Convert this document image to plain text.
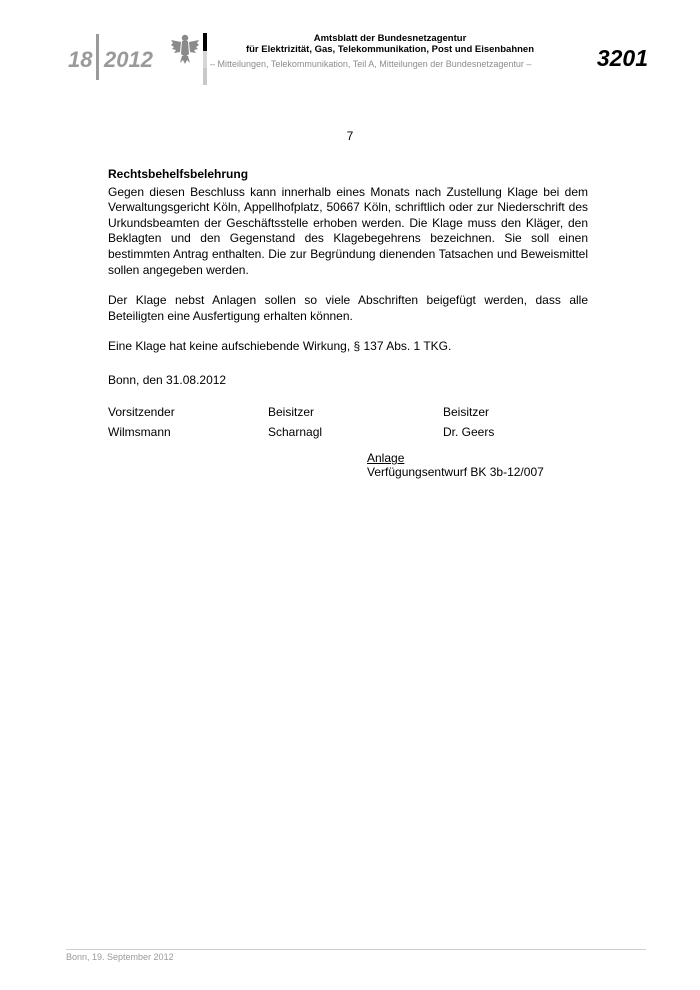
18 2012
Amtsblatt der Bundesnetzagentur
für Elektrizität, Gas, Telekommunikation, Post und Eisenbahnen
– Mitteilungen, Telekommunikation, Teil A, Mitteilungen der Bundesnetzagentur –	3201
7

Rechtsbehelfsbelehrung

Gegen diesen Beschluss kann innerhalb eines Monats nach Zustellung Klage bei dem Verwaltungsgericht Köln, Appellhofplatz, 50667 Köln, schriftlich oder zur Niederschrift des Urkundsbeamten der Geschäftsstelle erhoben werden. Die Klage muss den Kläger, den Beklagten und den Gegenstand des Klagebegehrens bezeichnen. Sie soll einen bestimmten Antrag enthalten. Die zur Begründung dienenden Tatsachen und Beweismittel sollen angegeben werden.

Der Klage nebst Anlagen sollen so viele Abschriften beigefügt werden, dass alle Beteiligten eine Ausfertigung erhalten können.

Eine Klage hat keine aufschiebende Wirkung, § 137 Abs. 1 TKG.

Bonn, den 31.08.2012
Vorsitzender	Beisitzer	Beisitzer
Wilmsmann	Scharnagl	Dr. Geers
Anlage
Verfügungsentwurf BK 3b-12/007
Bonn, 19. September 2012
